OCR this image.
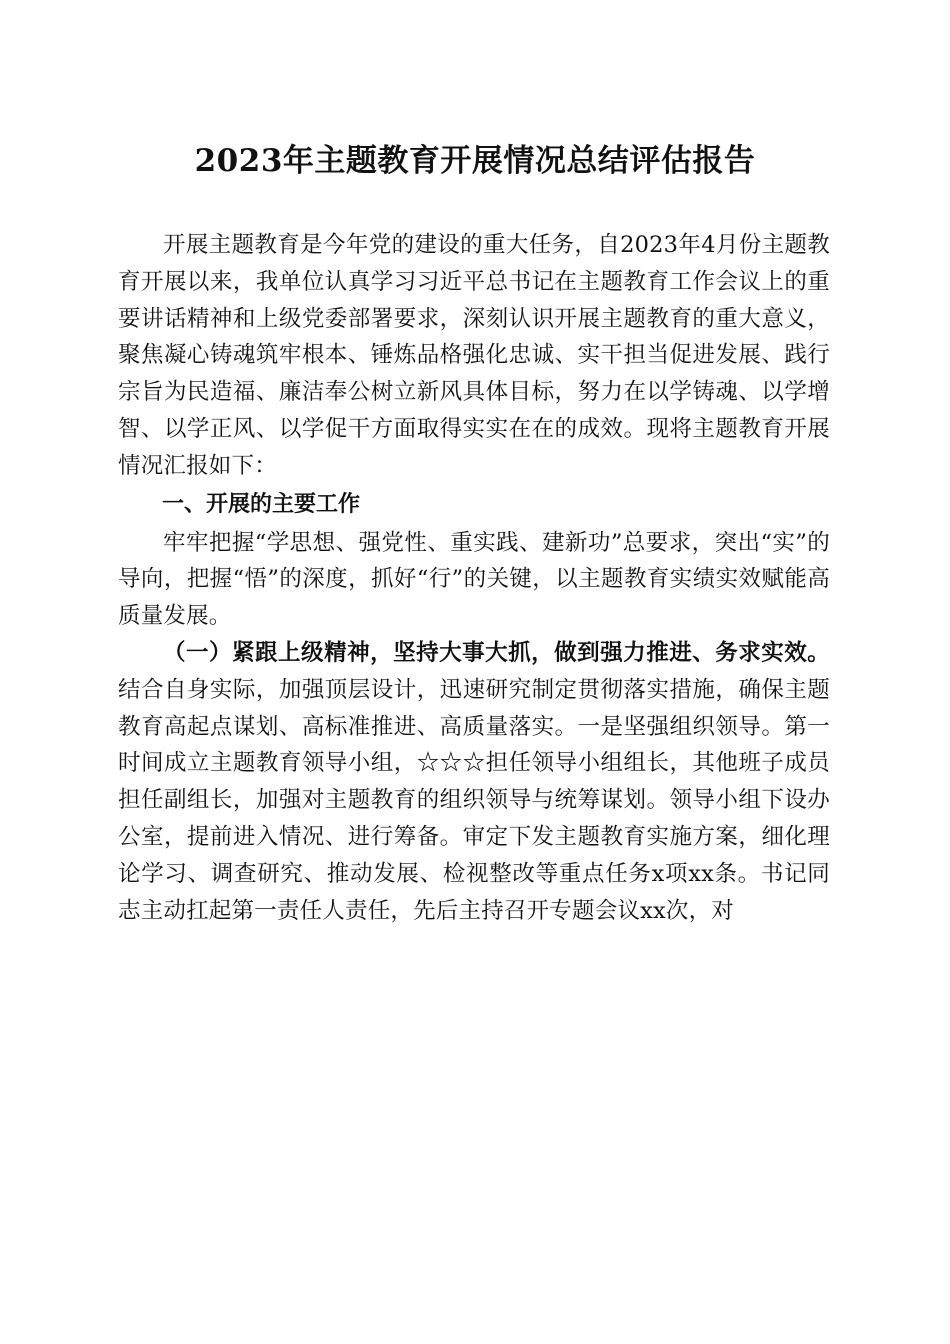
2023年主题教育开展情况总结评估报告

开展主题教育是今年党的建设的重大任务，自2023年4月份主题教育开展以来，我单位认真学习习近平总书记在主题教育工作会议上的重要讲话精神和上级党委部署要求，深刻认识开展主题教育的重大意义，聚焦凝心铸魂筑牢根本、锤炼品格强化忠诚、实干担当促进发展、践行宗旨为民造福、廉洁奉公树立新风具体目标，努力在以学铸魂、以学增智、以学正风、以学促干方面取得实实在在的成效。现将主题教育开展情况汇报如下：

一、开展的主要工作

牢牢把握“学思想、强党性、重实践、建新功”总要求，突出“实”的导向，把握“悟”的深度，抓好“行”的关键，以主题教育实绩实效赋能高质量发展。

（一）紧跟上级精神，坚持大事大抓，做到强力推进、务求实效。结合自身实际，加强顶层设计，迅速研究制定贯彻落实措施，确保主题教育高起点谋划、高标准推进、高质量落实。一是坚强组织领导。第一时间成立主题教育领导小组，☆☆☆担任领导小组组长，其他班子成员担任副组长，加强对主题教育的组织领导与统筹谋划。领导小组下设办公室，提前进入情况、进行筹备。审定下发主题教育实施方案，细化理论学习、调查研究、推动发展、检视整改等重点任务x项xx条。书记同志主动扛起第一责任人责任，先后主持召开专题会议xx次，对
